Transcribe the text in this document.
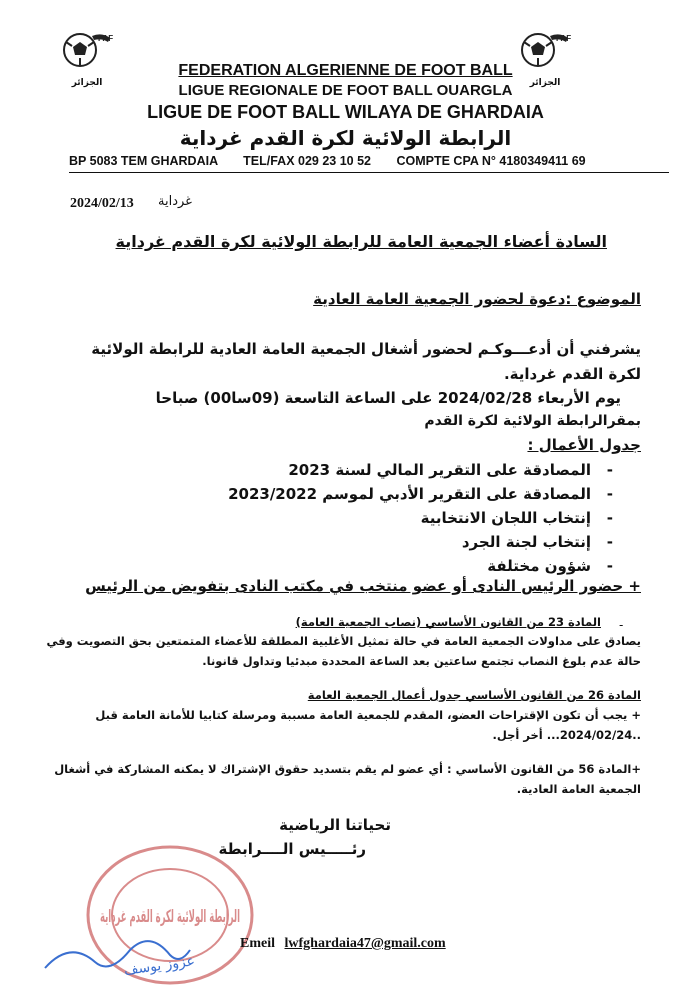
FAF
الجزائر
FAF
الجزائر
FEDERATION ALGERIENNE DE FOOT BALL
LIGUE REGIONALE DE FOOT BALL OUARGLA
LIGUE DE FOOT BALL WILAYA DE GHARDAIA
الرابطة الولائية لكرة القدم غرداية
BP 5083 TEM GHARDAIA TEL/FAX 029 23 10 52 COMPTE CPA N° 4180349411 69
2024/02/13 غرداية
السادة أعضاء الجمعية العامة للرابطة الولائية لكرة القدم غرداية
الموضوع :دعوة لحضور الجمعية العامة العادية
يشرفني أن أدعـــوكـم لحضور أشغال الجمعية العامة العادية للرابطة الولائية
لكرة القدم غرداية.
يوم الأربعاء 2024/02/28 على الساعة التاسعة (09سا00) صباحا
بمقرالرابطة الولائية لكرة القدم
جدول الأعمال :
المصادقة على التقرير المالي لسنة 2023 -
المصادقة على التقرير الأدبي لموسم 2023/2022 -
إنتخاب اللجان الانتخابية -
إنتخاب لجنة الجرد -
شؤون مختلفة -
+ حضور الرئيس النادى أو عضو منتخب في مكتب النادى بتفويض من الرئيس
-
المادة 23 من القانون الأساسي (نصاب الجمعية العامة)
يصادق على مداولات الجمعية العامة في حالة تمثيل الأغلبية المطلقة للأعضاء المتمتعين بحق التصويت وفي
حالة عدم بلوغ النصاب تجتمع ساعتين بعد الساعة المحددة مبدئيا وتداول قانونا.
المادة 26 من القانون الأساسي جدول أعمال الجمعية العامة
+ يجب أن تكون الإقتراحات العضو، المقدم للجمعية العامة مسببة ومرسلة كتابيا للأمانة العامة قبل
..2024/02/24... أخر أجل.
+المادة 56 من القانون الأساسي : أي عضو لم يقم بتسديد حقوق الإشتراك لا يمكنه المشاركة في أشغال
الجمعية العامة العادية.
تحياتنا الرياضية
رئـــــيس الــــرابطة
الرابطة الولائية لكرة القدم غرداية
عزوز يوسف
Emeil lwfghardaia47@gmail.com
